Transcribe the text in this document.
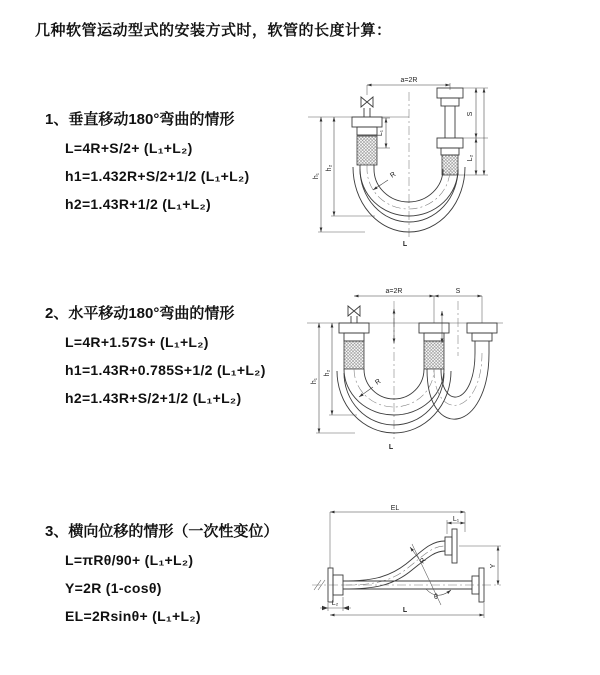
几种软管运动型式的安装方式时，软管的长度计算：
1、垂直移动180°弯曲的情形
L=4R+S/2+ (L₁+L₂)
h1=1.432R+S/2+1/2 (L₁+L₂)
h2=1.43R+1/2 (L₁+L₂)
2、水平移动180°弯曲的情形
L=4R+1.57S+ (L₁+L₂)
h1=1.43R+0.785S+1/2 (L₁+L₂)
h2=1.43R+S/2+1/2 (L₁+L₂)
3、横向位移的情形（一次性变位）
L=πRθ/90+ (L₁+L₂)
Y=2R (1-cosθ)
EL=2Rsinθ+ (L₁+L₂)
a=2R
L₁
S
L₂
h₁
h₂
R
L
a=2R	S
h₁
h₂
R
L
EL
L₁
R
θ
Y
L₂
L
